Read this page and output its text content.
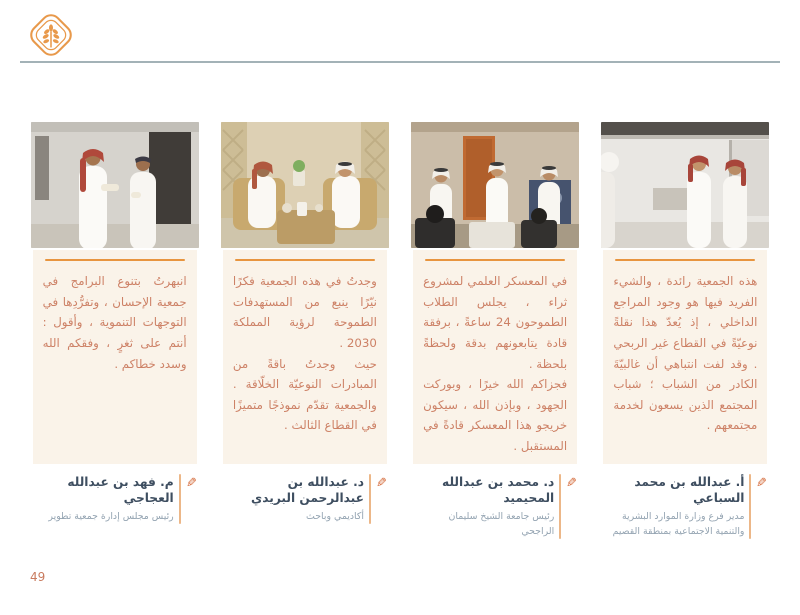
هذه الجمعية رائدة ، والشيء الفريد فيها هو وجود المراجع الداخلي ، إذ يُعدّ هذا نقلةً نوعيّةً في القطاع غير الربحي . وقد لفت انتباهي أن غالبيّةَ الكادر من الشباب ؛ شباب المجتمع الذين يسعون لخدمة مجتمعهم .

✎
أ. عبدالله بن محمد السباعي
مدير فرع وزارة الموارد البشرية والتنمية الاجتماعية بمنطقة القصيم

في المعسكر العلمي لمشروع ثراء ، يجلس الطلاب الطموحون 24 ساعةً ، برفقة قادة يتابعونهم بدقة ولحظةً بلحظة .

فجزاكم الله خيرًا ، وبوركت الجهود ، وبإذن الله ، سيكون خريجو هذا المعسكر قادةً في المستقبل .

✎
د. محمد بن عبدالله المحيميد
رئيس جامعة الشيخ سليمان الراجحي

وجدتُ في هذه الجمعية فكرًا نيّرًا ينبع من المستهدفات الطموحة لرؤية المملكة 2030 .

حيث وجدتُ باقةً من المبادرات النوعيّة الخلّاقة . والجمعية تقدّم نموذجًا متميزًا في القطاع الثالث .

✎
د. عبدالله بن عبدالرحمن البريدي
أكاديمي وباحث

انبهرتُ بتنوع البرامج في جمعية الإحسان ، وتفرُّدِها في التوجهات التنموية ، وأقول : أنتم على ثغرٍ ، وفقكم الله وسدد خطاكم .

✎
م. فهد بن عبدالله العجاجي
رئيس مجلس إدارة جمعية تطوير
49
